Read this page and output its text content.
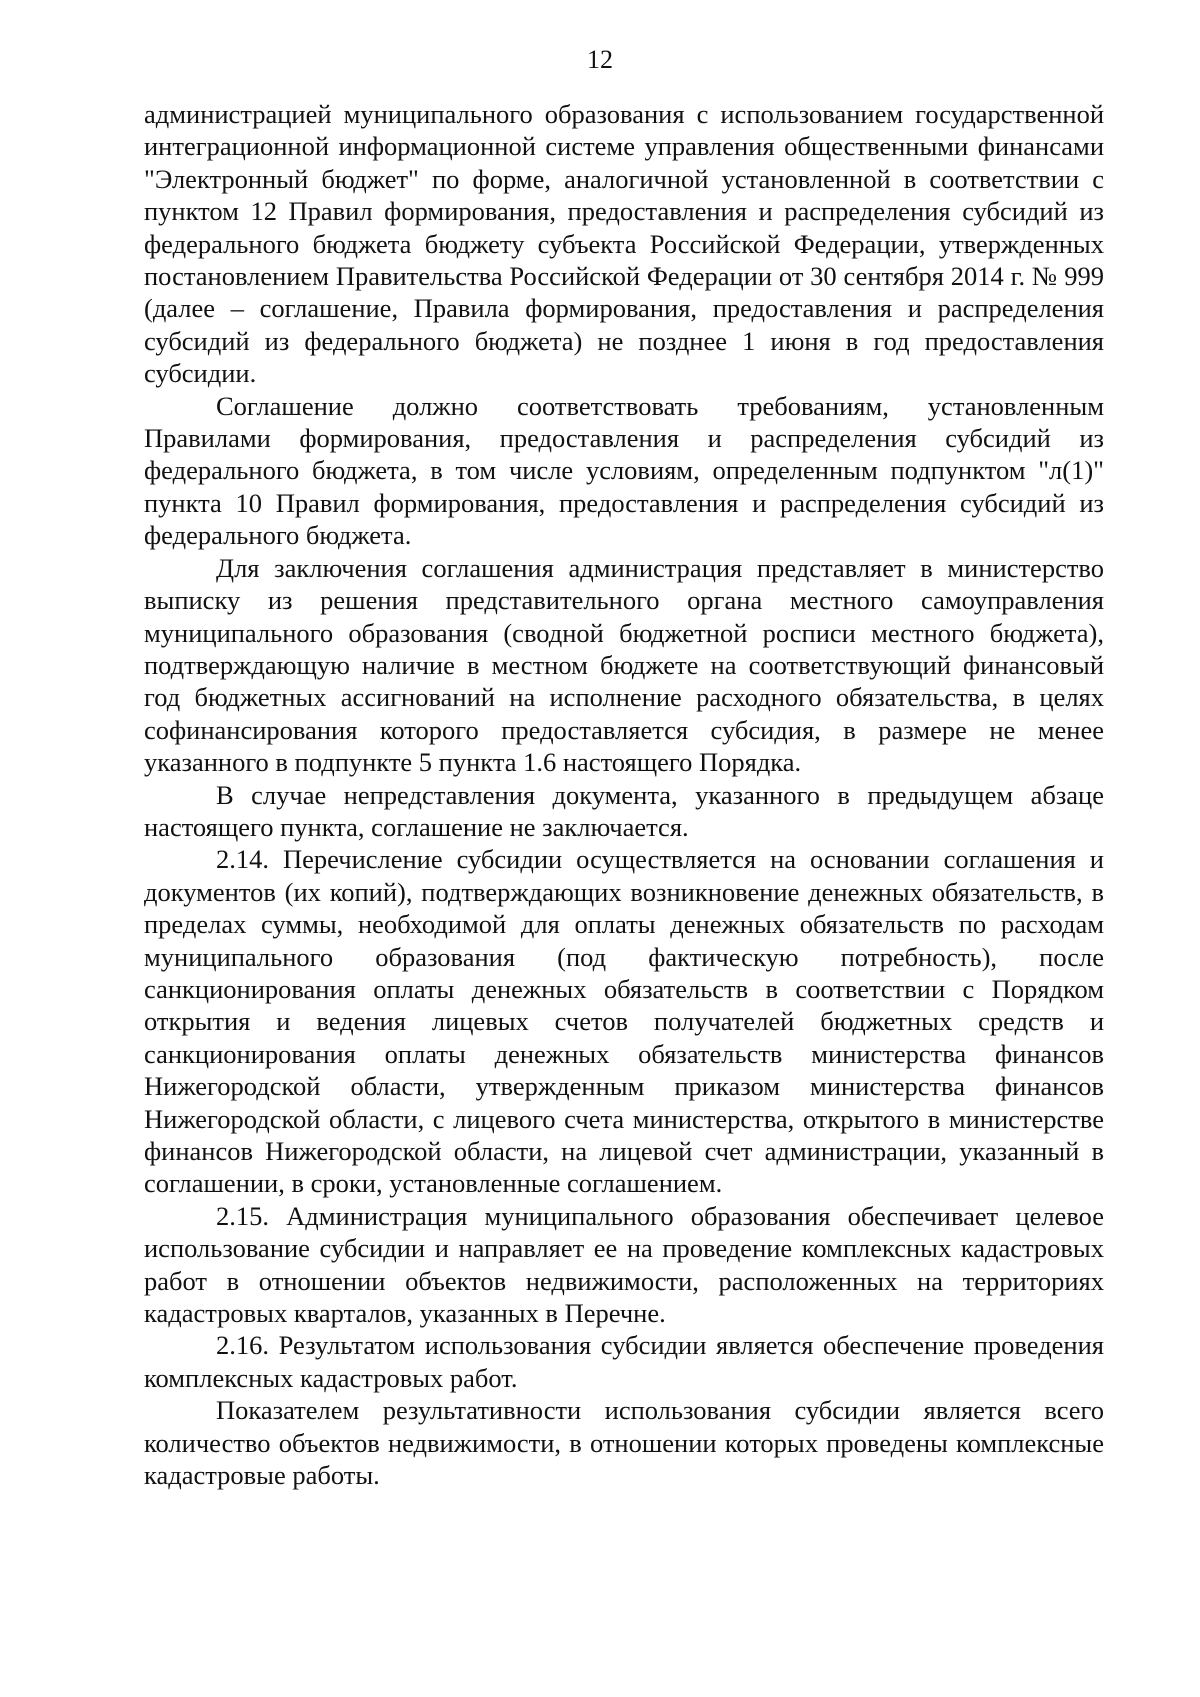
12

администрацией муниципального образования с использованием государственной интеграционной информационной системе управления общественными финансами "Электронный бюджет" по форме, аналогичной установленной в соответствии с пунктом 12 Правил формирования, предоставления и распределения субсидий из федерального бюджета бюджету субъекта Российской Федерации, утвержденных постановлением Правительства Российской Федерации от 30 сентября 2014 г. № 999 (далее – соглашение, Правила формирования, предоставления и распределения субсидий из федерального бюджета) не позднее 1 июня в год предоставления субсидии.

Соглашение должно соответствовать требованиям, установленным Правилами формирования, предоставления и распределения субсидий из федерального бюджета, в том числе условиям, определенным подпунктом "л(1)" пункта 10 Правил формирования, предоставления и распределения субсидий из федерального бюджета.

Для заключения соглашения администрация представляет в министерство выписку из решения представительного органа местного самоуправления муниципального образования (сводной бюджетной росписи местного бюджета), подтверждающую наличие в местном бюджете на соответствующий финансовый год бюджетных ассигнований на исполнение расходного обязательства, в целях софинансирования которого предоставляется субсидия, в размере не менее указанного в подпункте 5 пункта 1.6 настоящего Порядка.

В случае непредставления документа, указанного в предыдущем абзаце настоящего пункта, соглашение не заключается.

2.14. Перечисление субсидии осуществляется на основании соглашения и документов (их копий), подтверждающих возникновение денежных обязательств, в пределах суммы, необходимой для оплаты денежных обязательств по расходам муниципального образования (под фактическую потребность), после санкционирования оплаты денежных обязательств в соответствии с Порядком открытия и ведения лицевых счетов получателей бюджетных средств и санкционирования оплаты денежных обязательств министерства финансов Нижегородской области, утвержденным приказом министерства финансов Нижегородской области, с лицевого счета министерства, открытого в министерстве финансов Нижегородской области, на лицевой счет администрации, указанный в соглашении, в сроки, установленные соглашением.

2.15. Администрация муниципального образования обеспечивает целевое использование субсидии и направляет ее на проведение комплексных кадастровых работ в отношении объектов недвижимости, расположенных на территориях кадастровых кварталов, указанных в Перечне.

2.16. Результатом использования субсидии является обеспечение проведения комплексных кадастровых работ.

Показателем результативности использования субсидии является всего количество объектов недвижимости, в отношении которых проведены комплексные кадастровые работы.
